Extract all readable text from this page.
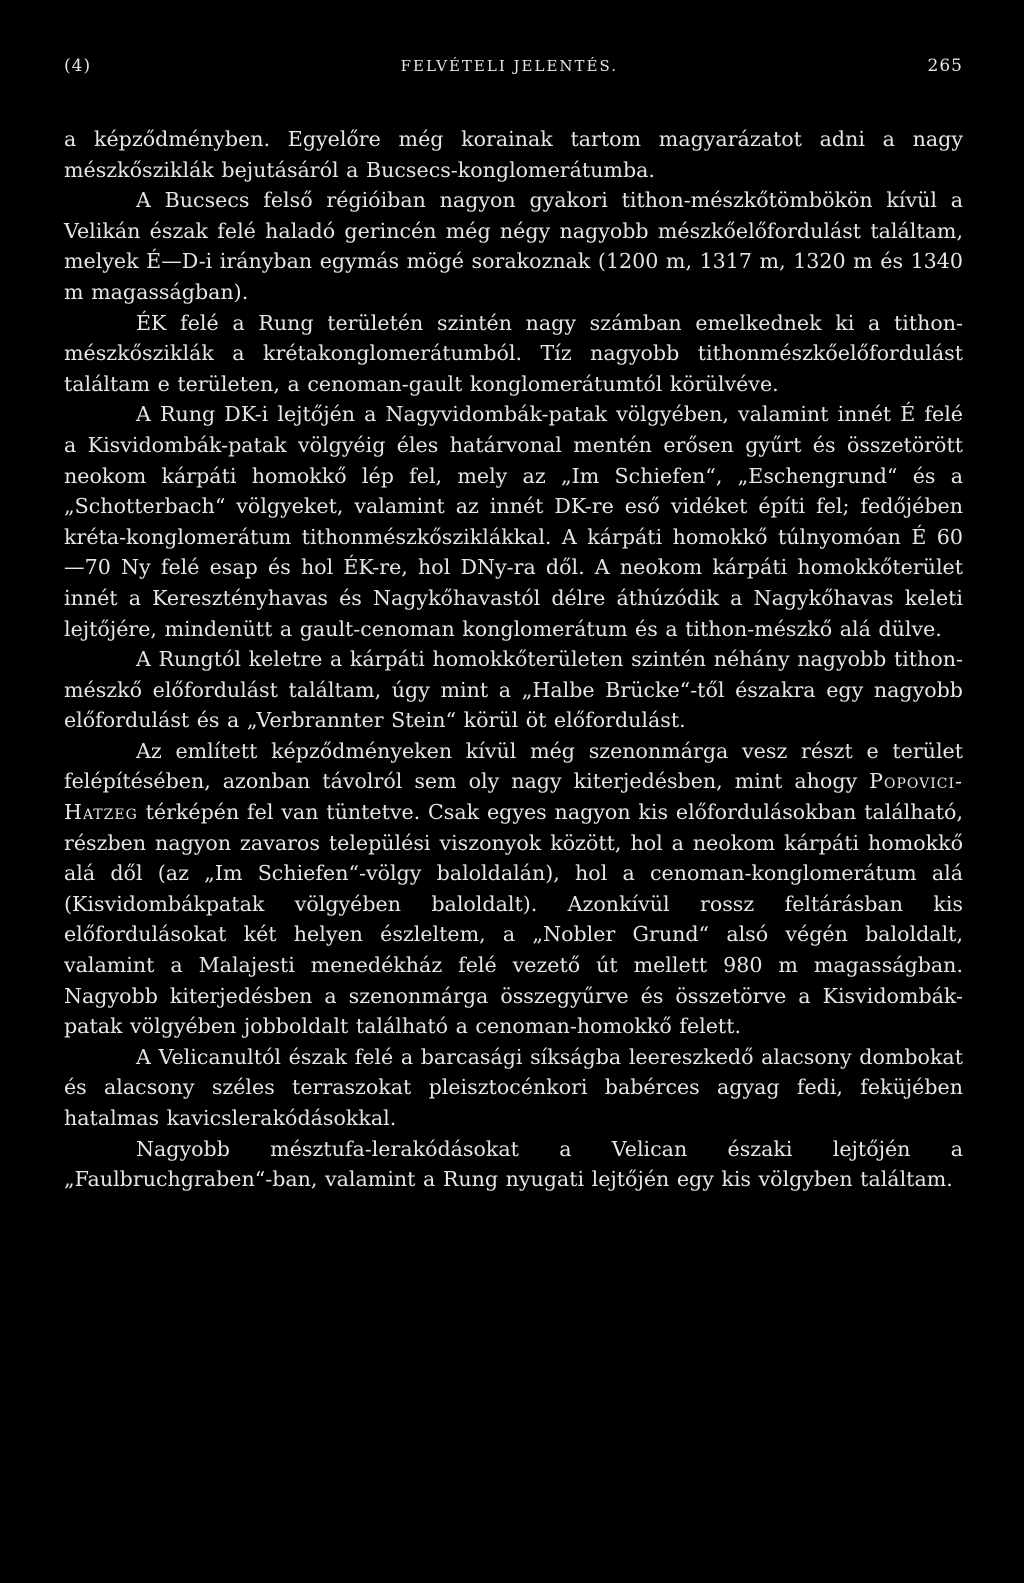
(4)	FELVÉTELI JELENTÉS.	265

a képződményben. Egyelőre még korainak tartom magyarázatot adni a nagy mészkősziklák bejutásáról a Bucsecs-konglomerátumba.

A Bucsecs felső régióiban nagyon gyakori tithon-mészkőtömbökön kívül a Velikán észak felé haladó gerincén még négy nagyobb mészkőelőfordulást találtam, melyek É—D-i irányban egymás mögé sorakoznak (1200 m, 1317 m, 1320 m és 1340 m magasságban).

ÉK felé a Rung területén szintén nagy számban emelkednek ki a tithon-mészkősziklák a krétakonglomerátumból. Tíz nagyobb tithonmészkőelőfordulást találtam e területen, a cenoman-gault konglomerátumtól körülvéve.

A Rung DK-i lejtőjén a Nagyvidombák-patak völgyében, valamint innét É felé a Kisvidombák-patak völgyéig éles határvonal mentén erősen gyűrt és összetörött neokom kárpáti homokkő lép fel, mely az „Im Schiefen“, „Eschengrund“ és a „Schotterbach“ völgyeket, valamint az innét DK-re eső vidéket építi fel; fedőjében kréta-konglomerátum tithonmészkősziklákkal. A kárpáti homokkő túlnyomóan É 60—70 Ny felé esap és hol ÉK-re, hol DNy-ra dől. A neokom kárpáti homokkőterület innét a Keresztényhavas és Nagykőhavastól délre áthúzódik a Nagykőhavas keleti lejtőjére, mindenütt a gault-cenoman konglomerátum és a tithon-mészkő alá dülve.

A Rungtól keletre a kárpáti homokkőterületen szintén néhány nagyobb tithon-mészkő előfordulást találtam, úgy mint a „Halbe Brücke“-től északra egy nagyobb előfordulást és a „Verbrannter Stein“ körül öt előfordulást.

Az említett képződményeken kívül még szenonmárga vesz részt e terület felépítésében, azonban távolról sem oly nagy kiterjedésben, mint ahogy Popovici-Hatzeg térképén fel van tüntetve. Csak egyes nagyon kis előfordulásokban található, részben nagyon zavaros települési viszonyok között, hol a neokom kárpáti homokkő alá dől (az „Im Schiefen“-völgy baloldalán), hol a cenoman-konglomerátum alá (Kisvidombákpatak völgyében baloldalt). Azonkívül rossz feltárásban kis előfordulásokat két helyen észleltem, a „Nobler Grund“ alsó végén baloldalt, valamint a Malajesti menedékház felé vezető út mellett 980 m magasságban. Nagyobb kiterjedésben a szenonmárga összegyűrve és összetörve a Kisvidombák-patak völgyében jobboldalt található a cenoman-homokkő felett.

A Velicanultól észak felé a barcasági síkságba leereszkedő alacsony dombokat és alacsony széles terraszokat pleisztocénkori babérces agyag fedi, feküjében hatalmas kavicslerakódásokkal.

Nagyobb mésztufa-lerakódásokat a Velican északi lejtőjén a „Faulbruchgraben“-ban, valamint a Rung nyugati lejtőjén egy kis völgyben találtam.
